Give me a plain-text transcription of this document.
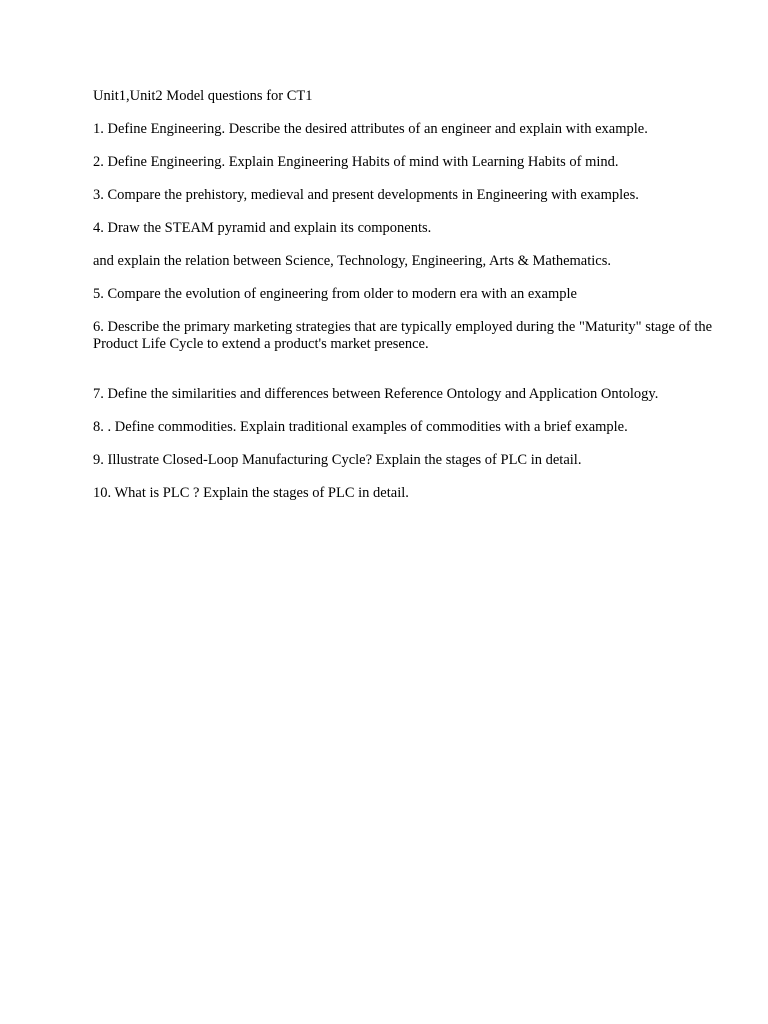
Unit1,Unit2 Model questions for CT1

1. Define Engineering. Describe the desired attributes of an engineer and explain with example.

2. Define Engineering. Explain Engineering Habits of mind with Learning Habits of mind.

3. Compare the prehistory, medieval and present developments in Engineering with examples.

4. Draw the STEAM pyramid and explain its components.

and explain the relation between Science, Technology, Engineering, Arts & Mathematics.

5. Compare the evolution of engineering from older to modern era with an example

6. Describe the primary marketing strategies that are typically employed during the "Maturity" stage of the Product Life Cycle to extend a product's market presence.

7. Define the similarities and differences between Reference Ontology and Application Ontology.

8. . Define commodities. Explain traditional examples of commodities with a brief example.

9. Illustrate Closed-Loop Manufacturing Cycle? Explain the stages of PLC in detail.

10. What is PLC ? Explain the stages of PLC in detail.
